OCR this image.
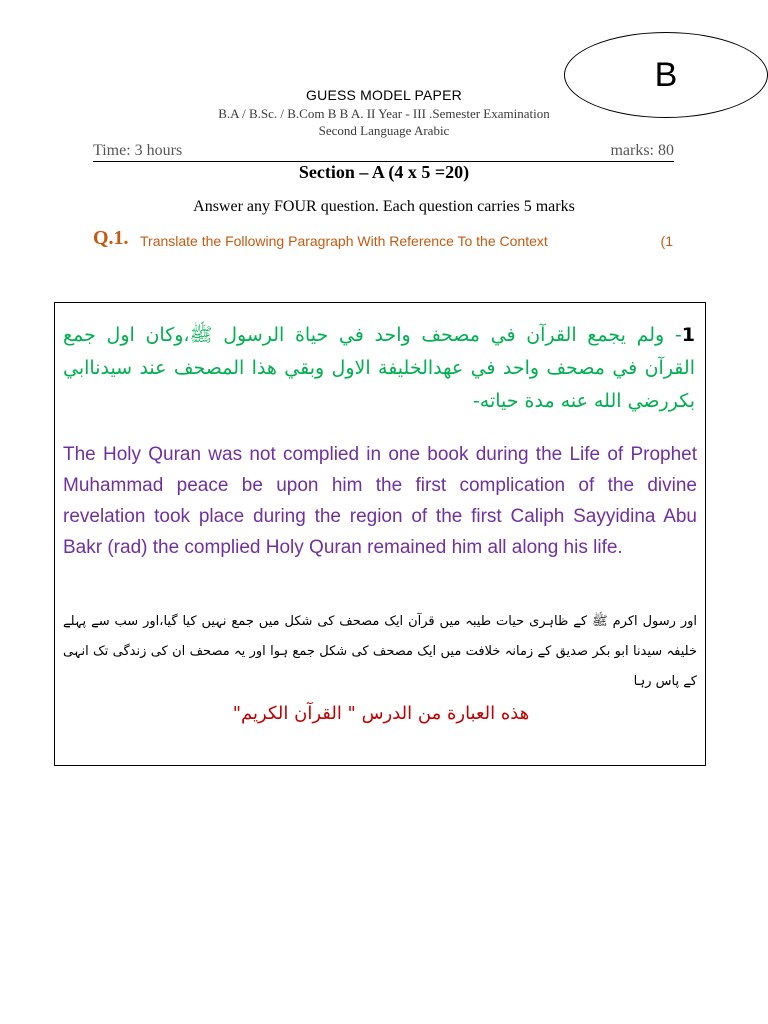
B
GUESS MODEL PAPER
B.A / B.Sc. / B.Com B B A. II Year - III .Semester Examination
Second Language Arabic
Time: 3 hours	marks: 80
Section – A (4 x 5 =20)
Answer any FOUR question. Each question carries 5 marks
Q.1. Translate the Following Paragraph With Reference To the Context	(1
1- ولم يجمع القرآن في مصحف واحد في حياة الرسول ﷺ،وكان اول جمع القرآن في مصحف واحد في عهدالخليفة الاول وبقي هذا المصحف عند سيدناابي بكررضي الله عنه مدة حياته-
The Holy Quran was not complied in one book during the Life of Prophet Muhammad peace be upon him the first complication of the divine revelation took place during the region of the first Caliph Sayyidina Abu Bakr (rad) the complied Holy Quran remained him all along his life.
اور رسول اکرم ﷺ کے ظاہری حیات طیبہ میں قرآن ایک مصحف کی شکل میں جمع نہیں کیا گیا،اور سب سے پہلے خلیفہ سیدنا ابو بکر صدیق کے زمانہ خلافت میں ایک مصحف کی شکل جمع ہوا اور یہ مصحف ان کی زندگی تک انہی کے پاس رہا
هذه العبارة من الدرس " القرآن الكريم"
